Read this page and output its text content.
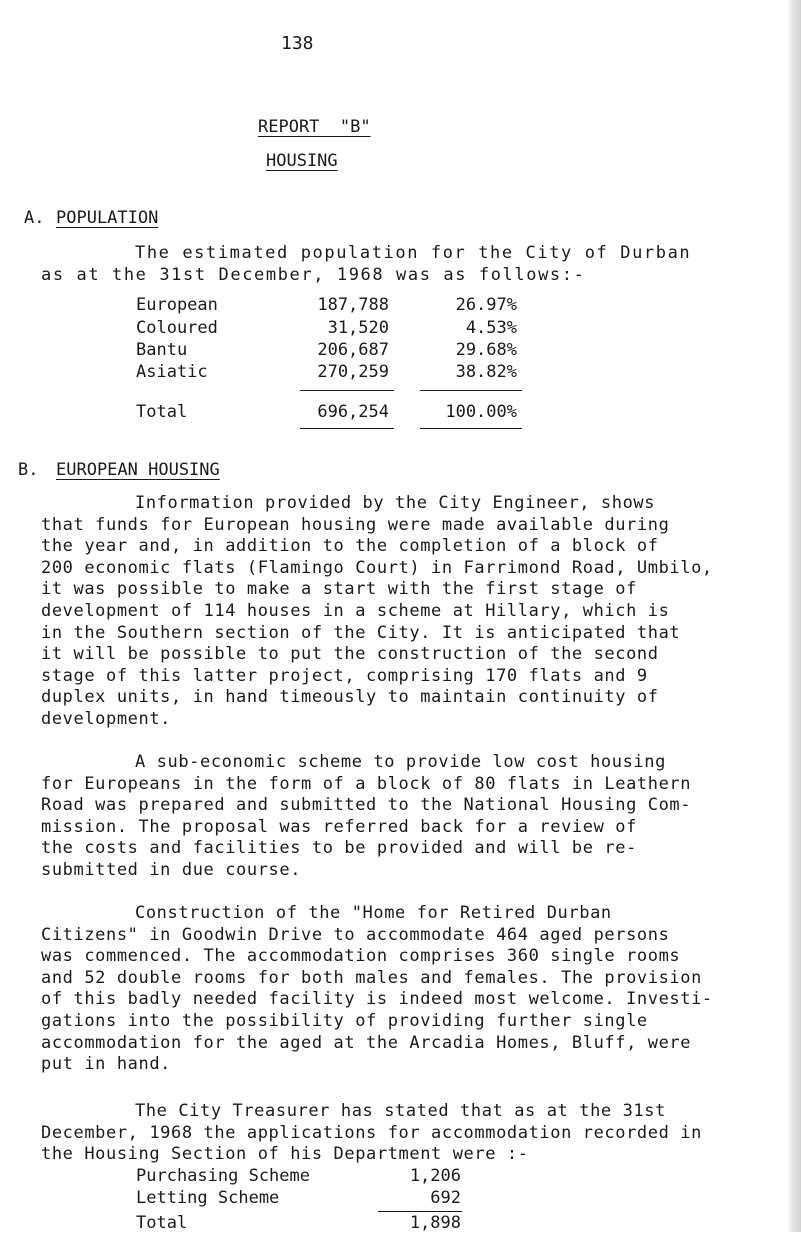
138
REPORT  "B"
HOUSING
A. POPULATION

The estimated population for the City of Durban
as at the 31st December, 1968 was as follows:-

European	187,788	26.97%
Coloured	31,520	4.53%
Bantu	206,687	29.68%
Asiatic	270,259	38.82%
Total	696,254	100.00%
B. EUROPEAN HOUSING

Information provided by the City Engineer, shows
that funds for European housing were made available during
the year and, in addition to the completion of a block of
200 economic flats (Flamingo Court) in Farrimond Road, Umbilo,
it was possible to make a start with the first stage of
development of 114 houses in a scheme at Hillary, which is
in the Southern section of the City. It is anticipated that
it will be possible to put the construction of the second
stage of this latter project, comprising 170 flats and 9
duplex units, in hand timeously to maintain continuity of
development.

A sub-economic scheme to provide low cost housing
for Europeans in the form of a block of 80 flats in Leathern
Road was prepared and submitted to the National Housing Com-
mission. The proposal was referred back for a review of
the costs and facilities to be provided and will be re-
submitted in due course.

Construction of the "Home for Retired Durban
Citizens" in Goodwin Drive to accommodate 464 aged persons
was commenced. The accommodation comprises 360 single rooms
and 52 double rooms for both males and females. The provision
of this badly needed facility is indeed most welcome. Investi-
gations into the possibility of providing further single
accommodation for the aged at the Arcadia Homes, Bluff, were
put in hand.

The City Treasurer has stated that as at the 31st
December, 1968 the applications for accommodation recorded in
the Housing Section of his Department were :-

Purchasing Scheme	1,206
Letting Scheme	692
Total	1,898
